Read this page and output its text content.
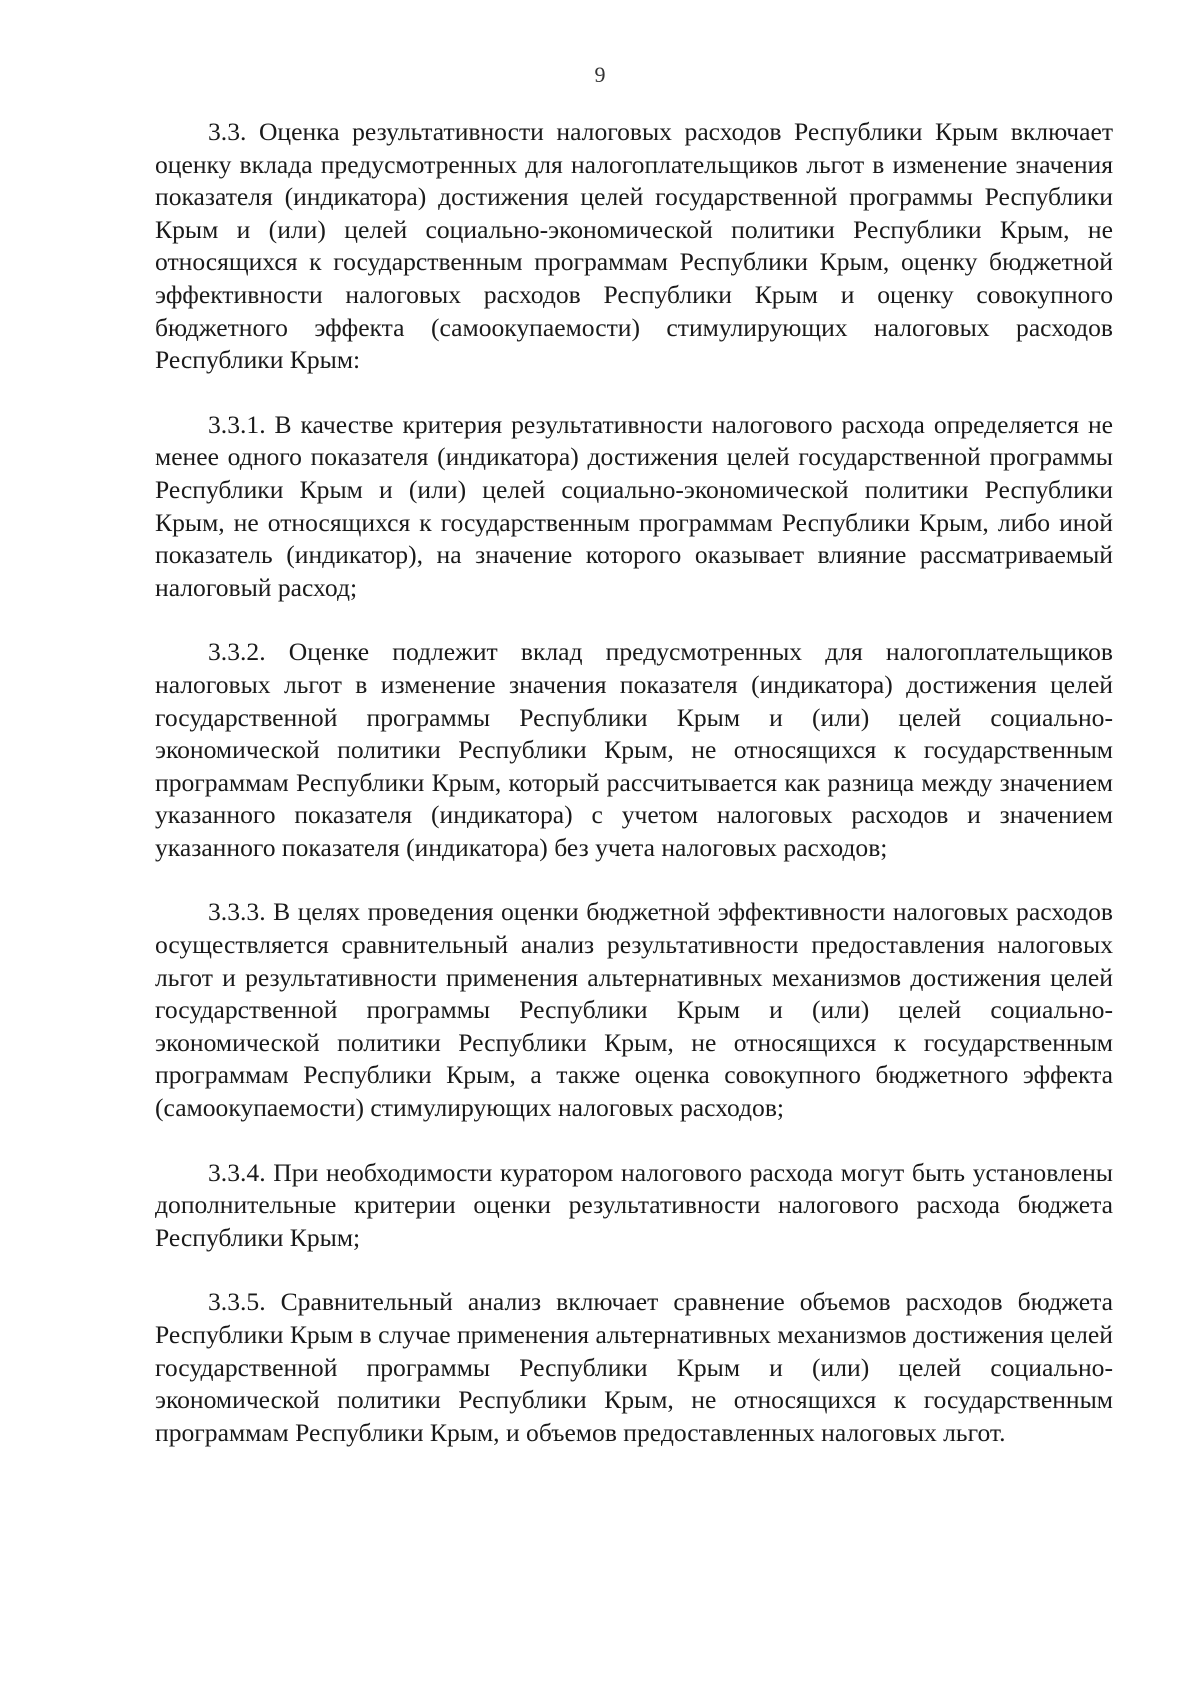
9

3.3. Оценка результативности налоговых расходов Республики Крым включает оценку вклада предусмотренных для налогоплательщиков льгот в изменение значения показателя (индикатора) достижения целей государственной программы Республики Крым и (или) целей социально-экономической политики Республики Крым, не относящихся к государственным программам Республики Крым, оценку бюджетной эффективности налоговых расходов Республики Крым и оценку совокупного бюджетного эффекта (самоокупаемости) стимулирующих налоговых расходов Республики Крым:

3.3.1. В качестве критерия результативности налогового расхода определяется не менее одного показателя (индикатора) достижения целей государственной программы Республики Крым и (или) целей социально-экономической политики Республики Крым, не относящихся к государственным программам Республики Крым, либо иной показатель (индикатор), на значение которого оказывает влияние рассматриваемый налоговый расход;

3.3.2. Оценке подлежит вклад предусмотренных для налогоплательщиков налоговых льгот в изменение значения показателя (индикатора) достижения целей государственной программы Республики Крым и (или) целей социально-экономической политики Республики Крым, не относящихся к государственным программам Республики Крым, который рассчитывается как разница между значением указанного показателя (индикатора) с учетом налоговых расходов и значением указанного показателя (индикатора) без учета налоговых расходов;

3.3.3. В целях проведения оценки бюджетной эффективности налоговых расходов осуществляется сравнительный анализ результативности предоставления налоговых льгот и результативности применения альтернативных механизмов достижения целей государственной программы Республики Крым и (или) целей социально-экономической политики Республики Крым, не относящихся к государственным программам Республики Крым, а также оценка совокупного бюджетного эффекта (самоокупаемости) стимулирующих налоговых расходов;

3.3.4. При необходимости куратором налогового расхода могут быть установлены дополнительные критерии оценки результативности налогового расхода бюджета Республики Крым;

3.3.5. Сравнительный анализ включает сравнение объемов расходов бюджета Республики Крым в случае применения альтернативных механизмов достижения целей государственной программы Республики Крым и (или) целей социально-экономической политики Республики Крым, не относящихся к государственным программам Республики Крым, и объемов предоставленных налоговых льгот.
